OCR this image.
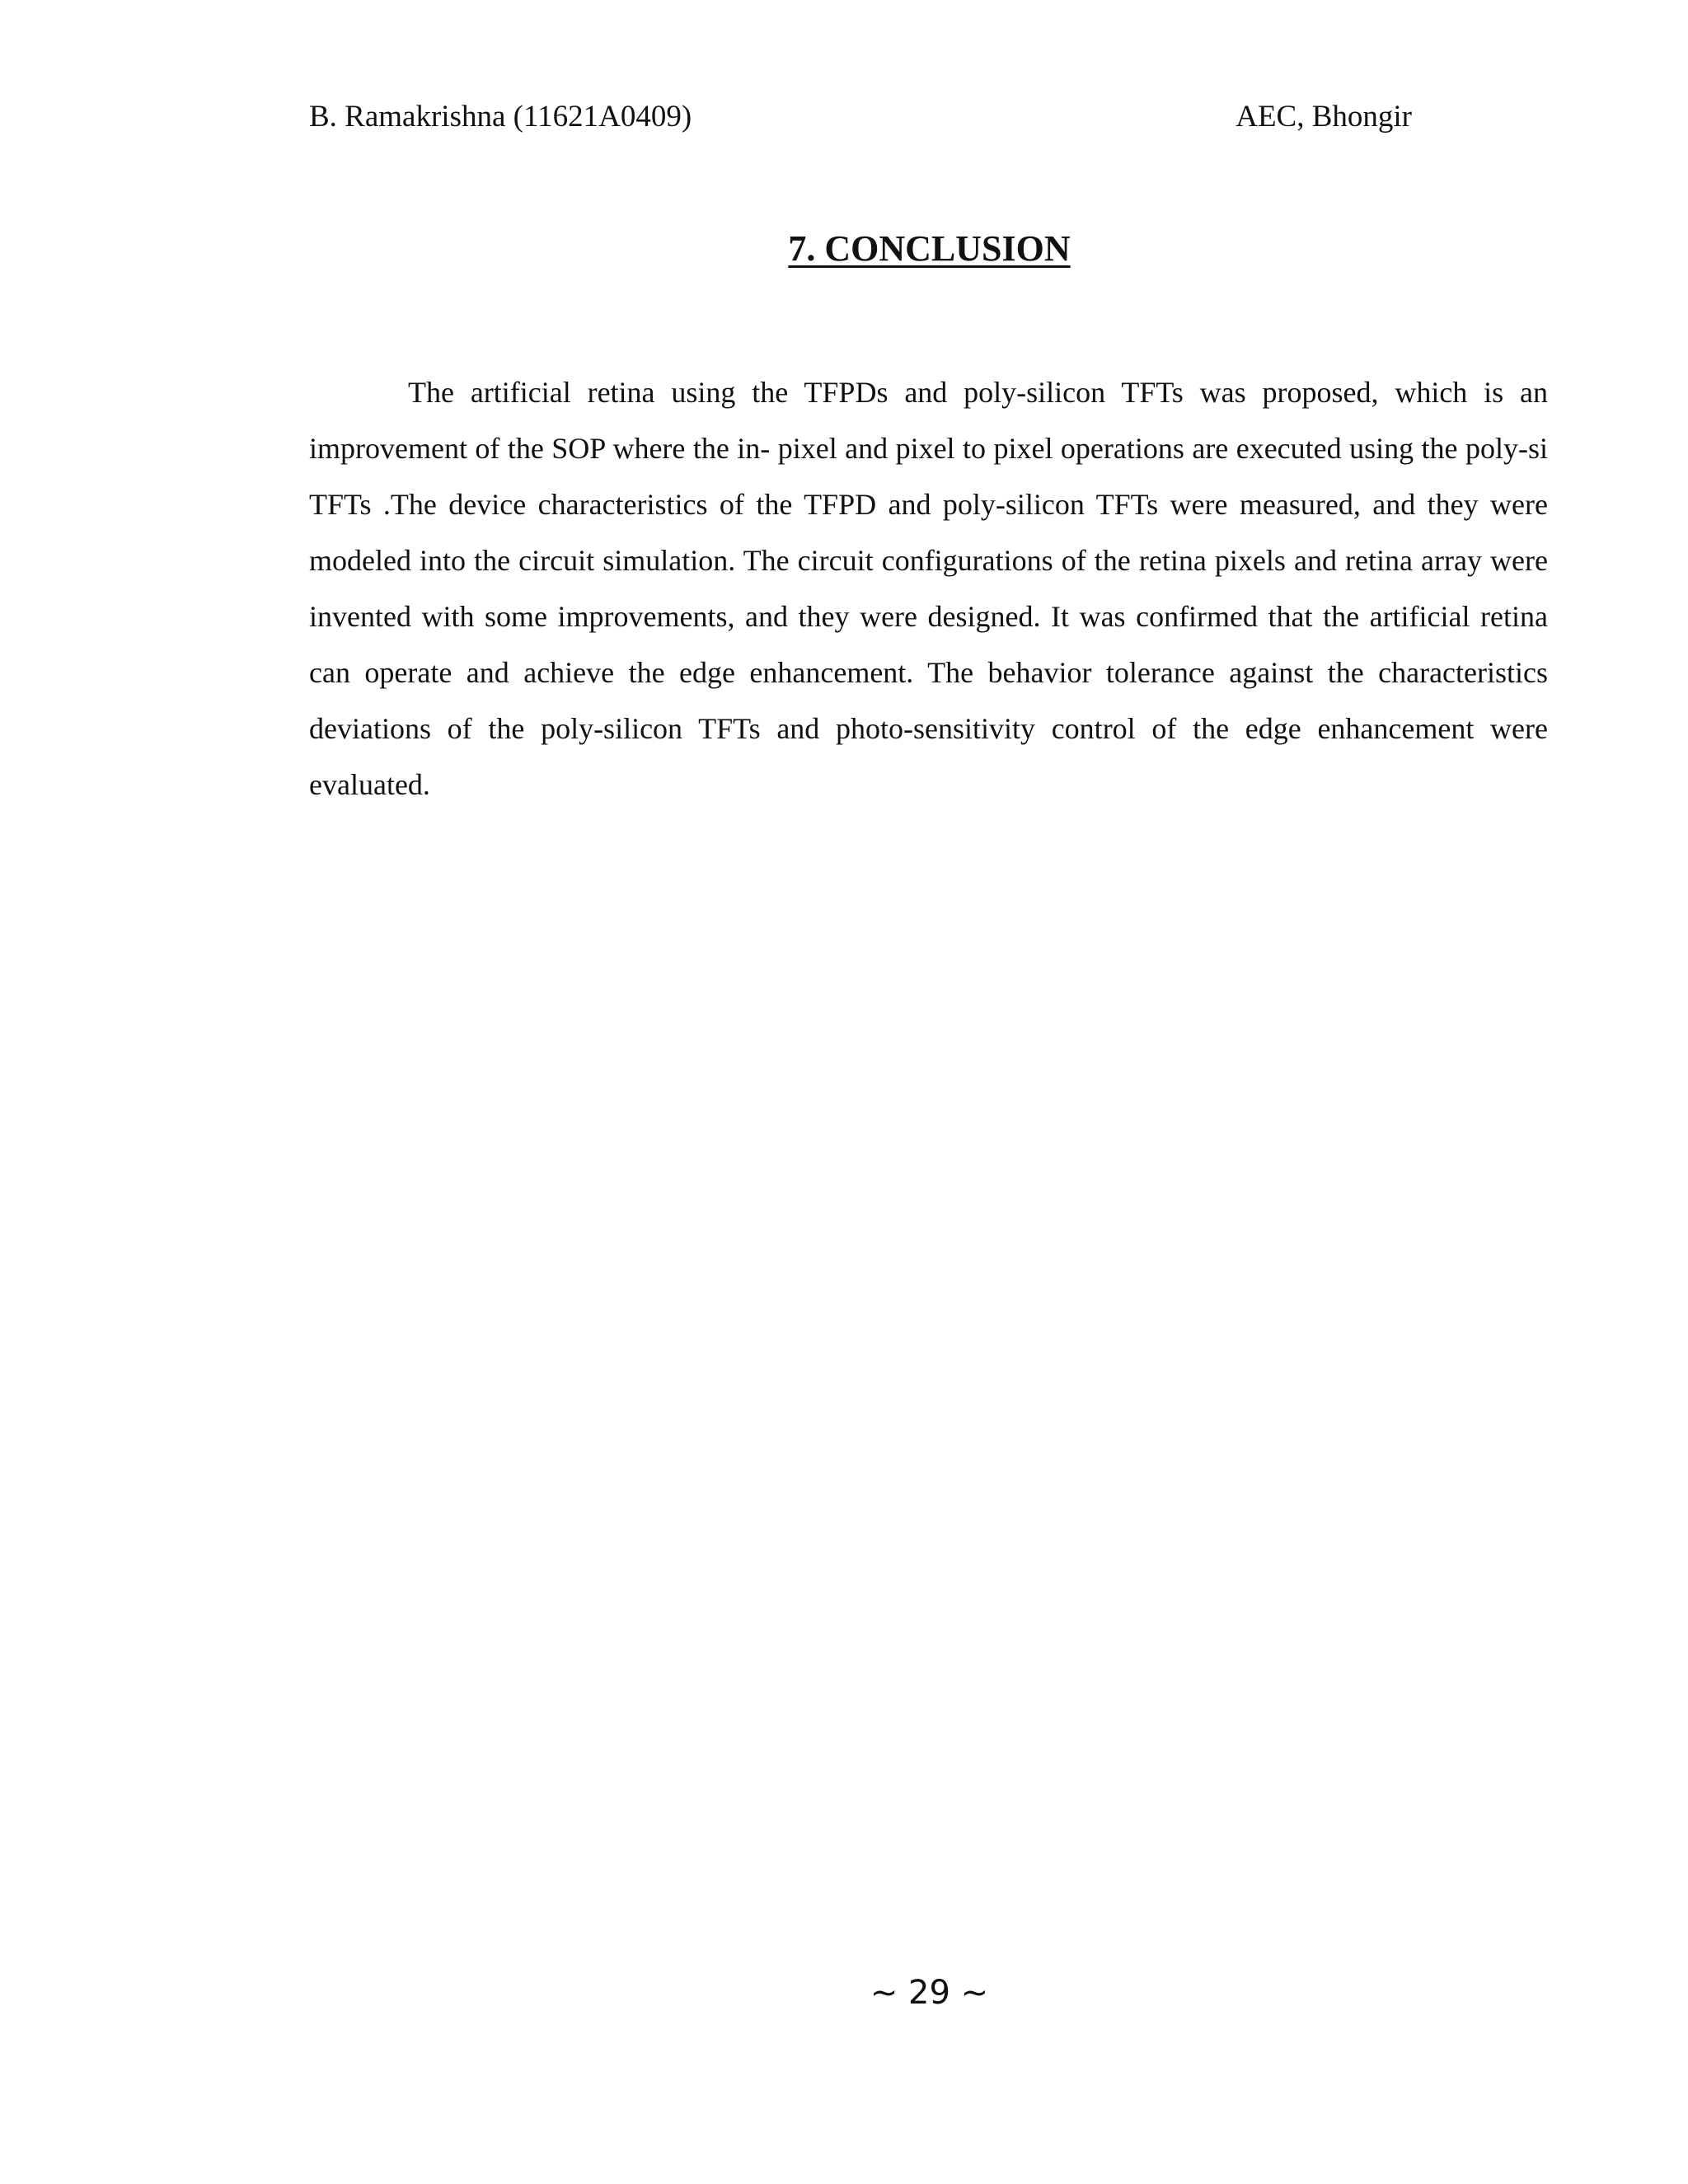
B. Ramakrishna (11621A0409)	AEC, Bhongir
7. CONCLUSION

The artificial retina using the TFPDs and poly-silicon TFTs was proposed, which is an improvement of the SOP where the in- pixel and pixel to pixel operations are executed using the poly-si TFTs .The device characteristics of the TFPD and poly-silicon TFTs were measured, and they were modeled into the circuit simulation. The circuit configurations of the retina pixels and retina array were invented with some improvements, and they were designed. It was confirmed that the artificial retina can operate and achieve the edge enhancement. The behavior tolerance against the characteristics deviations of the poly-silicon TFTs and photo-sensitivity control of the edge enhancement were evaluated.

~ 29 ~
